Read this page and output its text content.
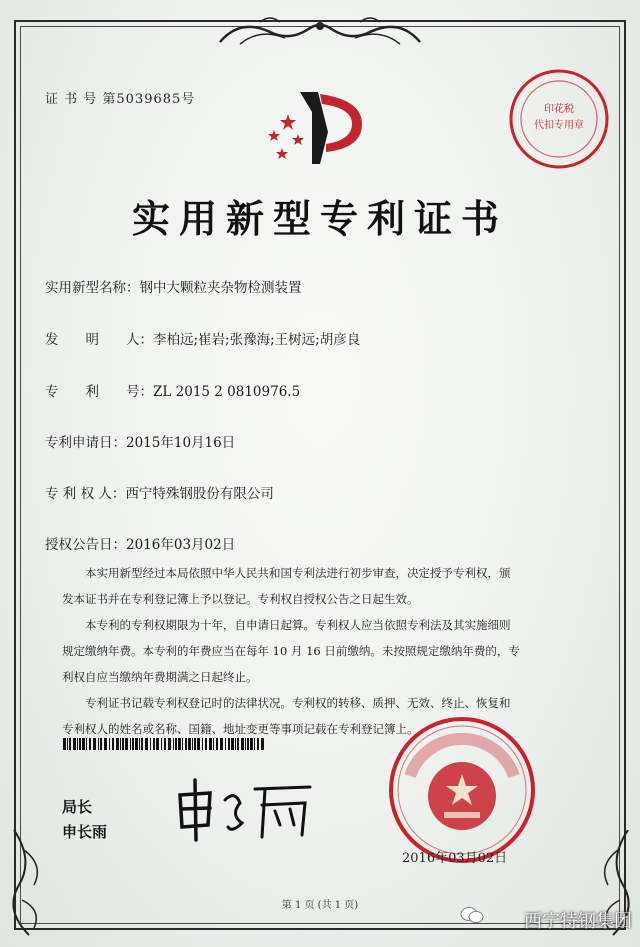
证 书 号 第5039685号
印花税
代扣专用章
实用新型专利证书
实用新型名称：钢中大颗粒夹杂物检测装置
发　　明　　人：李柏远;崔岩;张豫海;王树远;胡彦良
专　　利　　号：ZL 2015 2 0810976.5
专利申请日：2015年10月16日
专 利 权 人：西宁特殊钢股份有限公司
授权公告日：2016年03月02日

　　本实用新型经过本局依照中华人民共和国专利法进行初步审查，决定授予专利权，颁

发本证书并在专利登记簿上予以登记。专利权自授权公告之日起生效。

　　本专利的专利权期限为十年，自申请日起算。专利权人应当依照专利法及其实施细则

规定缴纳年费。本专利的年费应当在每年 10 月 16 日前缴纳。未按照规定缴纳年费的，专

利权自应当缴纳年费期满之日起终止。

　　专利证书记载专利权登记时的法律状况。专利权的转移、质押、无效、终止、恢复和

专利权人的姓名或名称、国籍、地址变更等事项记载在专利登记簿上。

局长
申长雨
2016年03月02日
第 1 页 (共 1 页)
西宁特钢集团
